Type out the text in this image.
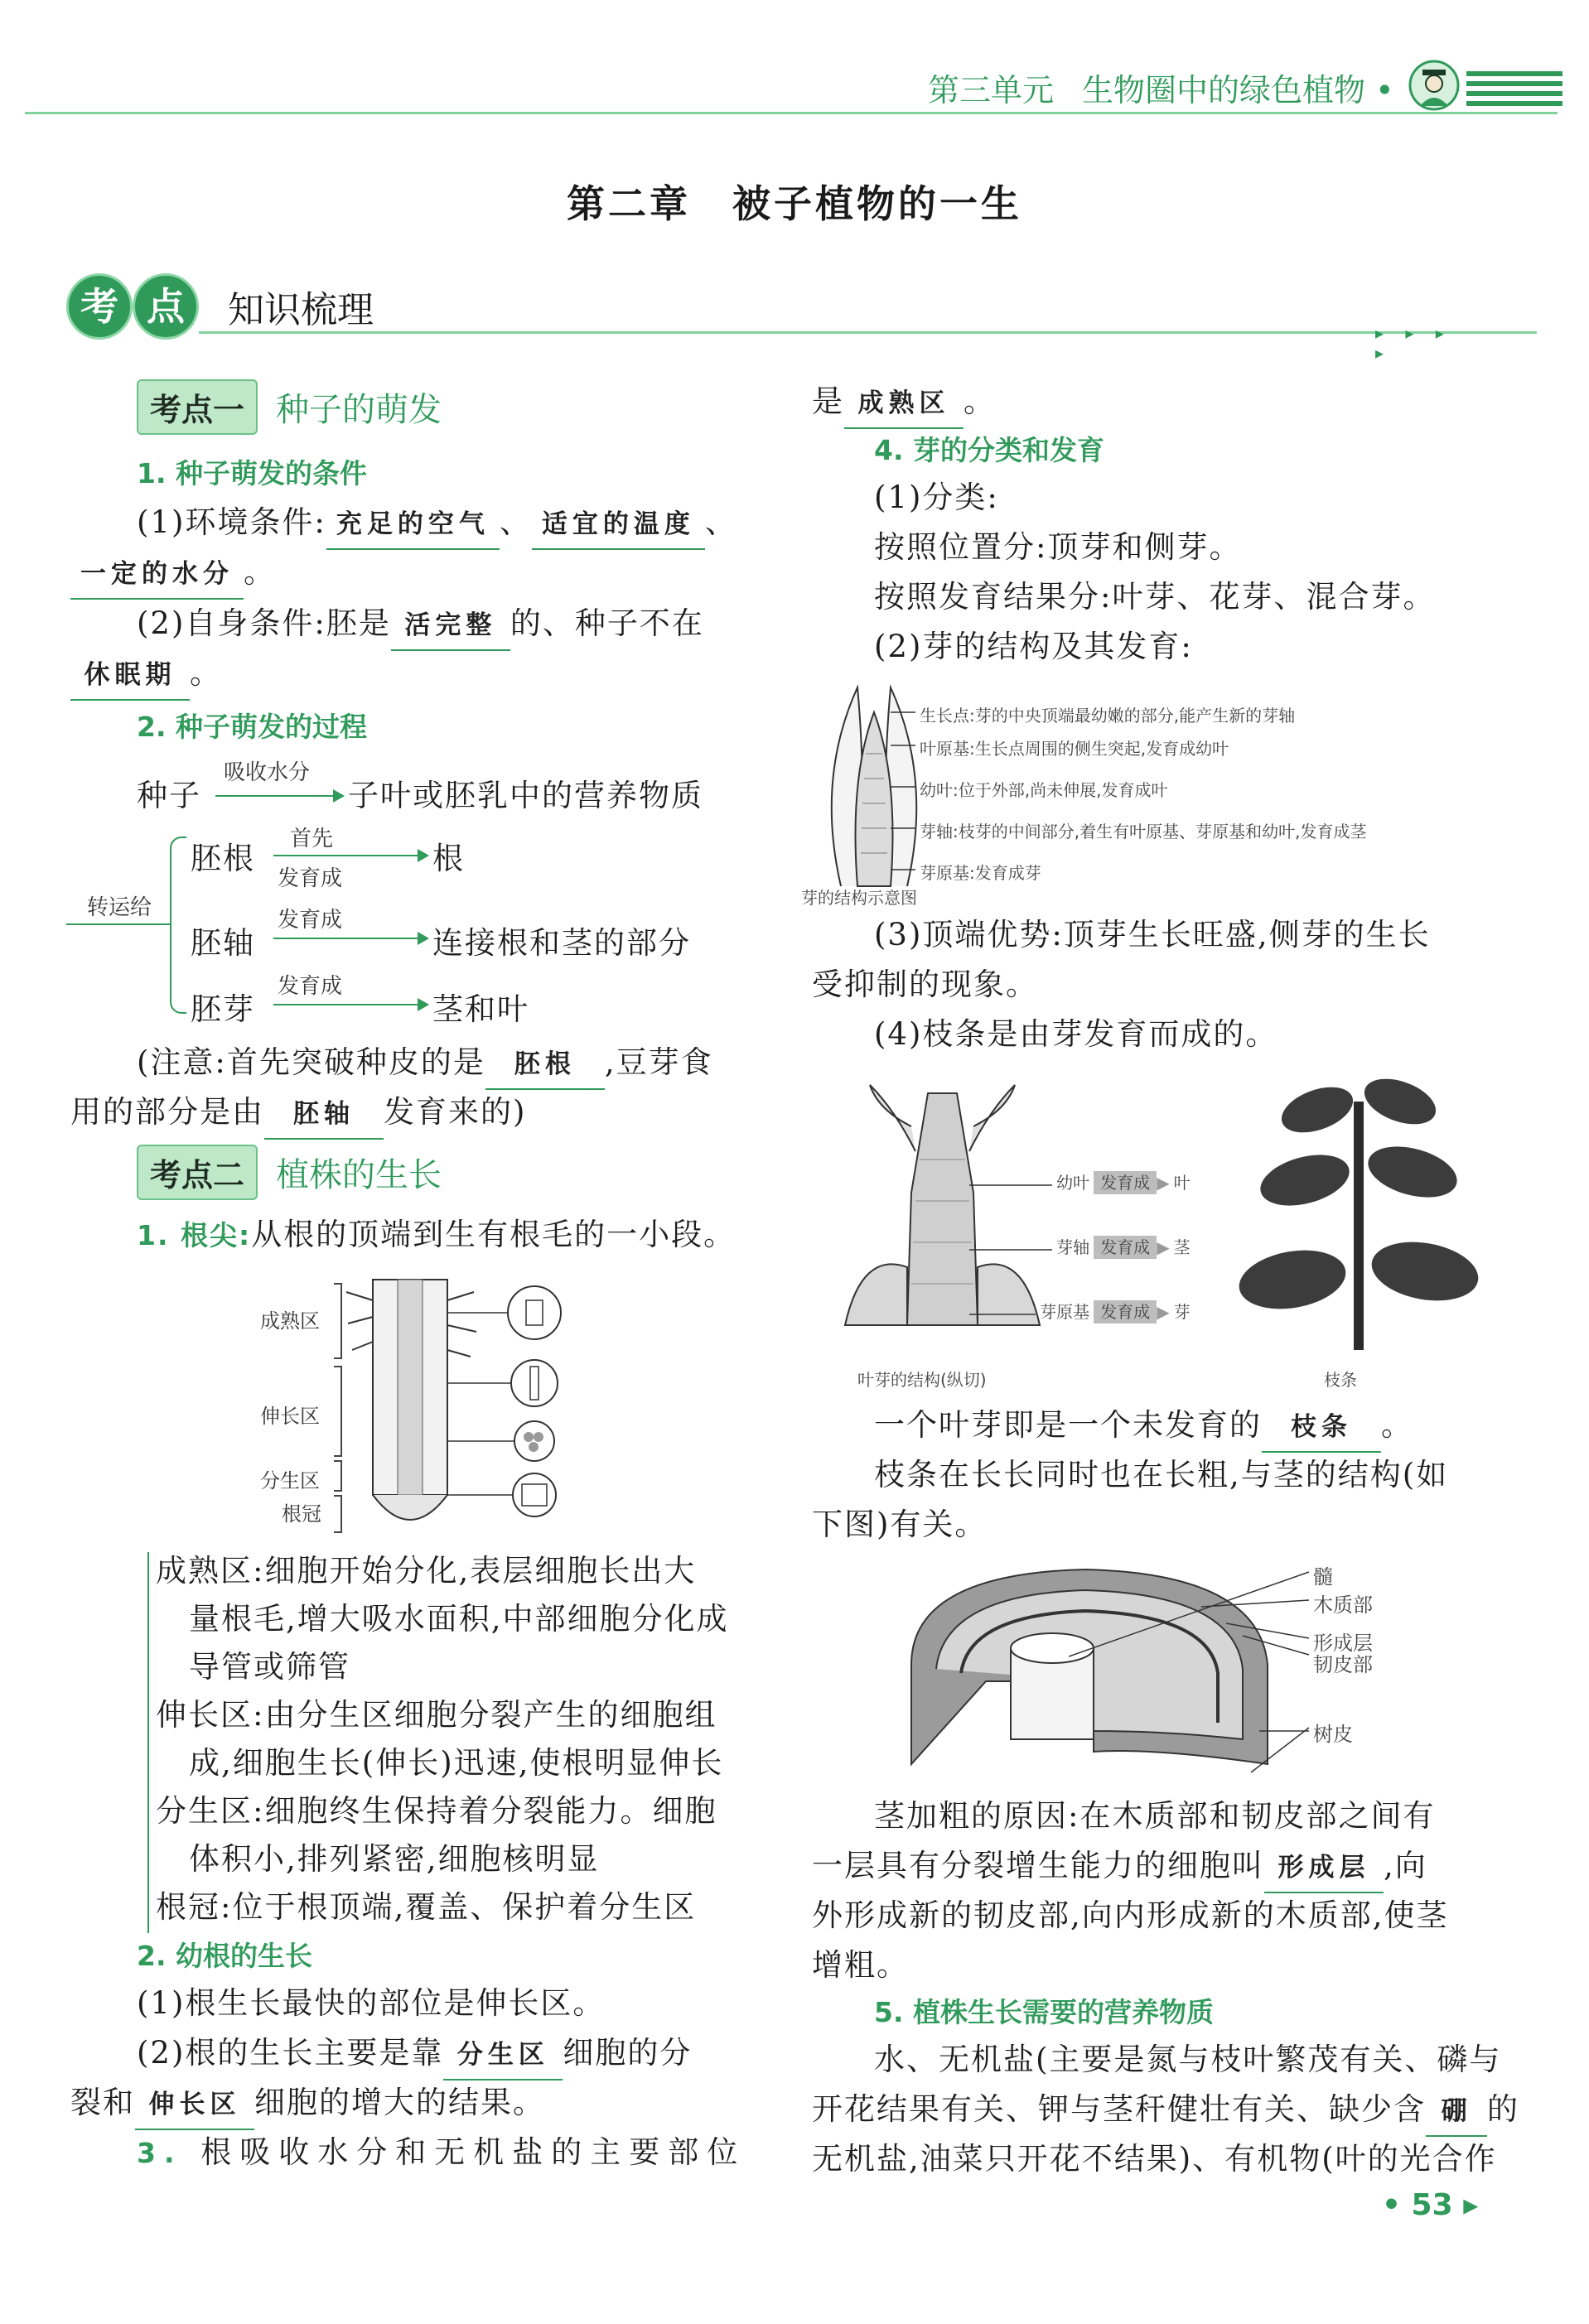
第三单元 生物圈中的绿色植物 •
第二章　被子植物的一生
考 点	知识梳理
▸ ▸ ▸ ▸
考点一 种子的萌发
1. 种子萌发的条件
(1)环境条件: 充足的空气 、 适宜的温度 、
一定的水分 。
(2)自身条件:胚是 活完整 的、种子不在
休眠期 。
2. 种子萌发的过程
种子
吸收水分
子叶或胚乳中的营养物质
转运给
胚根
首先
发育成
根
发育成
胚轴	连接根和茎的部分
发育成
胚芽	茎和叶
(注意:首先突破种皮的是 胚根 ,豆芽食
用的部分是由 胚轴 发育来的)
考点二 植株的生长
1. 根尖:从根的顶端到生有根毛的一小段。
成熟区
伸长区
分生区
根冠
成熟区:细胞开始分化,表层细胞长出大
量根毛,增大吸水面积,中部细胞分化成
导管或筛管
伸长区:由分生区细胞分裂产生的细胞组
成,细胞生长(伸长)迅速,使根明显伸长
分生区:细胞终生保持着分裂能力。细胞
体积小,排列紧密,细胞核明显
根冠:位于根顶端,覆盖、保护着分生区
2. 幼根的生长
(1)根生长最快的部位是伸长区。
(2)根的生长主要是靠 分生区 细胞的分
裂和 伸长区 细胞的增大的结果。
3. 根吸收水分和无机盐的主要部位
是 成熟区 。
4. 芽的分类和发育
(1)分类:
按照位置分:顶芽和侧芽。
按照发育结果分:叶芽、花芽、混合芽。
(2)芽的结构及其发育:
生长点:芽的中央顶端最幼嫩的部分,能产生新的芽轴
叶原基:生长点周围的侧生突起,发育成幼叶
幼叶:位于外部,尚未伸展,发育成叶
芽轴:枝芽的中间部分,着生有叶原基、芽原基和幼叶,发育成茎
芽原基:发育成芽
芽的结构示意图
(3)顶端优势:顶芽生长旺盛,侧芽的生长
受抑制的现象。
(4)枝条是由芽发育而成的。
幼叶 发育成 ▶ 叶
芽轴 发育成 ▶ 茎
芽原基 发育成 ▶ 芽
叶芽的结构(纵切)	枝条
一个叶芽即是一个未发育的 枝条 。
枝条在长长同时也在长粗,与茎的结构(如
下图)有关。
髓
木质部
形成层
韧皮部
树皮
茎加粗的原因:在木质部和韧皮部之间有
一层具有分裂增生能力的细胞叫 形成层 ,向
外形成新的韧皮部,向内形成新的木质部,使茎
增粗。
5. 植株生长需要的营养物质
水、无机盐(主要是氮与枝叶繁茂有关、磷与
开花结果有关、钾与茎秆健壮有关、缺少含 硼 的
无机盐,油菜只开花不结果)、有机物(叶的光合作
• 53 ▸
